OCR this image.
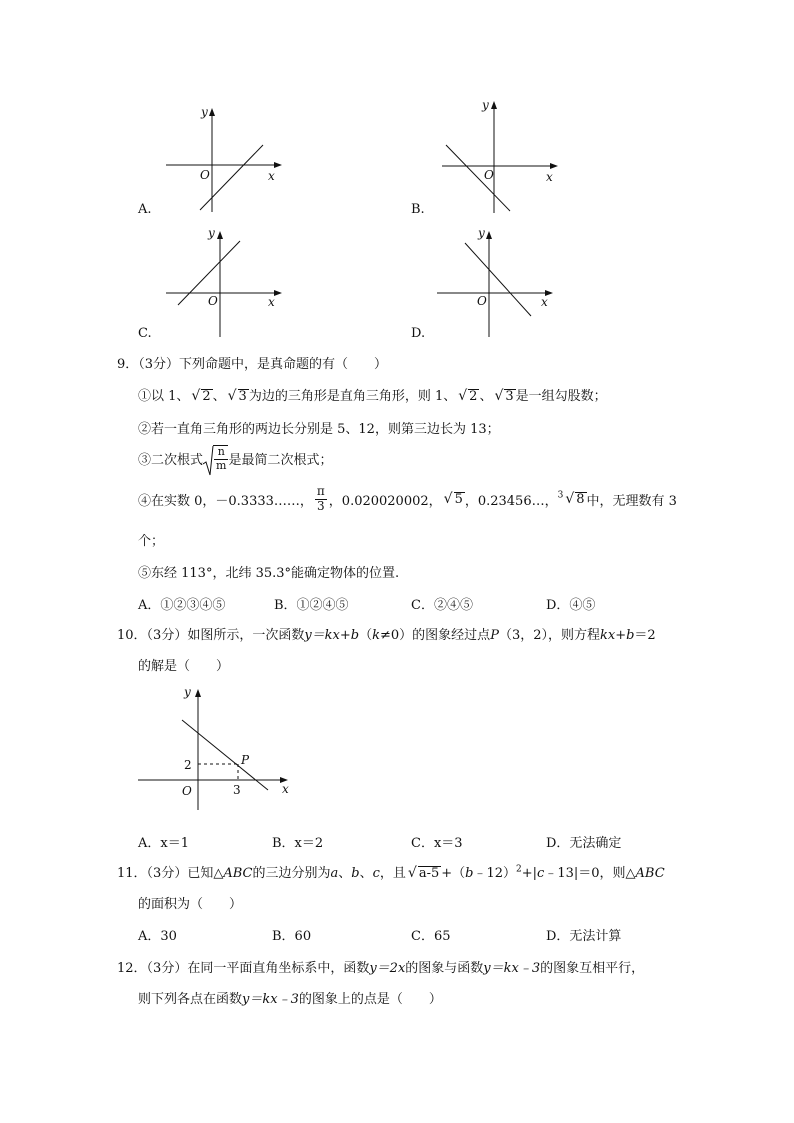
y
x
O
A.
y
x
O
B.
y
x
O
C.
y
x
O
D.
9．（3分）下列命题中，是真命题的有（　　）
①以 1、 √ 2 、 √ 3 为边的三角形是直角三角形，则 1、 √ 2 、 √ 3 是一组勾股数；
②若一直角三角形的两边长分别是 5、12，则第三边长为 13；
③二次根式 $\frac{n}{m}$ 是最简二次根式；
④在实数 0，－0.3333……， $\frac{\pi}{3}$ ，0.020020002， √ 5 ，0.23456…，$^3$ √ 8 中，无理数有 3
个；
⑤东经 113°，北纬 35.3°能确定物体的位置.
A．①②③④⑤	B．①②④⑤	C．②④⑤	D．④⑤
10．（3分）如图所示，一次函数y＝kx+b（k≠0）的图象经过点P（3，2），则方程kx+b＝2
的解是（　　）
y
x
O
2
3
P
A．x＝1	B．x＝2	C．x＝3	D．无法确定
11．（3分）已知△ABC的三边分别为a、b、c，且 √ a-5 +（b﹣12）$^2$+|c﹣13|＝0，则△ABC
的面积为（　　）
A．30	B．60	C．65	D．无法计算
12．（3分）在同一平面直角坐标系中，函数y＝2x的图象与函数y＝kx﹣3的图象互相平行，
则下列各点在函数y＝kx﹣3的图象上的点是（　　）
